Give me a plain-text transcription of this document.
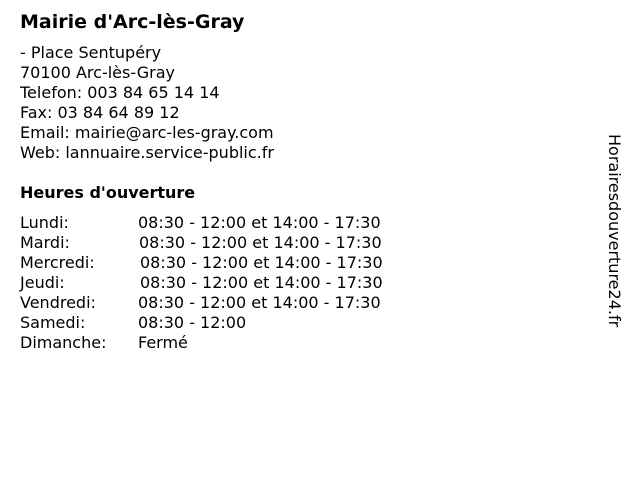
Mairie d'Arc-lès-Gray
- Place Sentupéry
70100 Arc-lès-Gray
Telefon: 003 84 65 14 14
Fax: 03 84 64 89 12
Email: mairie@arc-les-gray.com
Web: lannuaire.service-public.fr
Heures d'ouverture
Lundi:	08:30 - 12:00 et 14:00 - 17:30
Mardi:	08:30 - 12:00 et 14:00 - 17:30
Mercredi:	08:30 - 12:00 et 14:00 - 17:30
Jeudi:	08:30 - 12:00 et 14:00 - 17:30
Vendredi:	08:30 - 12:00 et 14:00 - 17:30
Samedi:	08:30 - 12:00
Dimanche: Fermé
Horairesdouverture24.fr
